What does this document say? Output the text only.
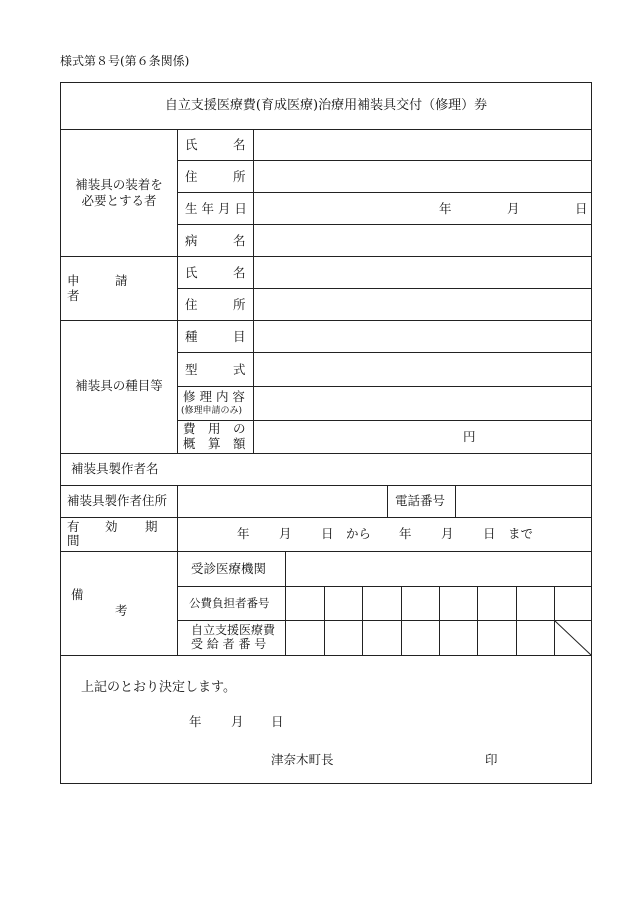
様式第８号(第６条関係)
自立支援医療費(育成医療)治療用補装具交付（修理）券
補装具の装着を
必要とする者
氏	名
住	所
生 年 月 日	年	月	日
病	名
申	請
者
氏	名
住	所
補装具の種目等
種	目
型	式
修 理 内 容
(修理申請のみ)
費　用　の
概　算　額	円
補装具製作者名
補装具製作者住所	電話番号
有 効 期
間	年 月 日　から 年 月 日　まで
備
考
受診医療機関
公費負担者番号
自立支援医療費
受 給 者 番 号
上記のとおり決定します。
年 月 日
津奈木町長	印
